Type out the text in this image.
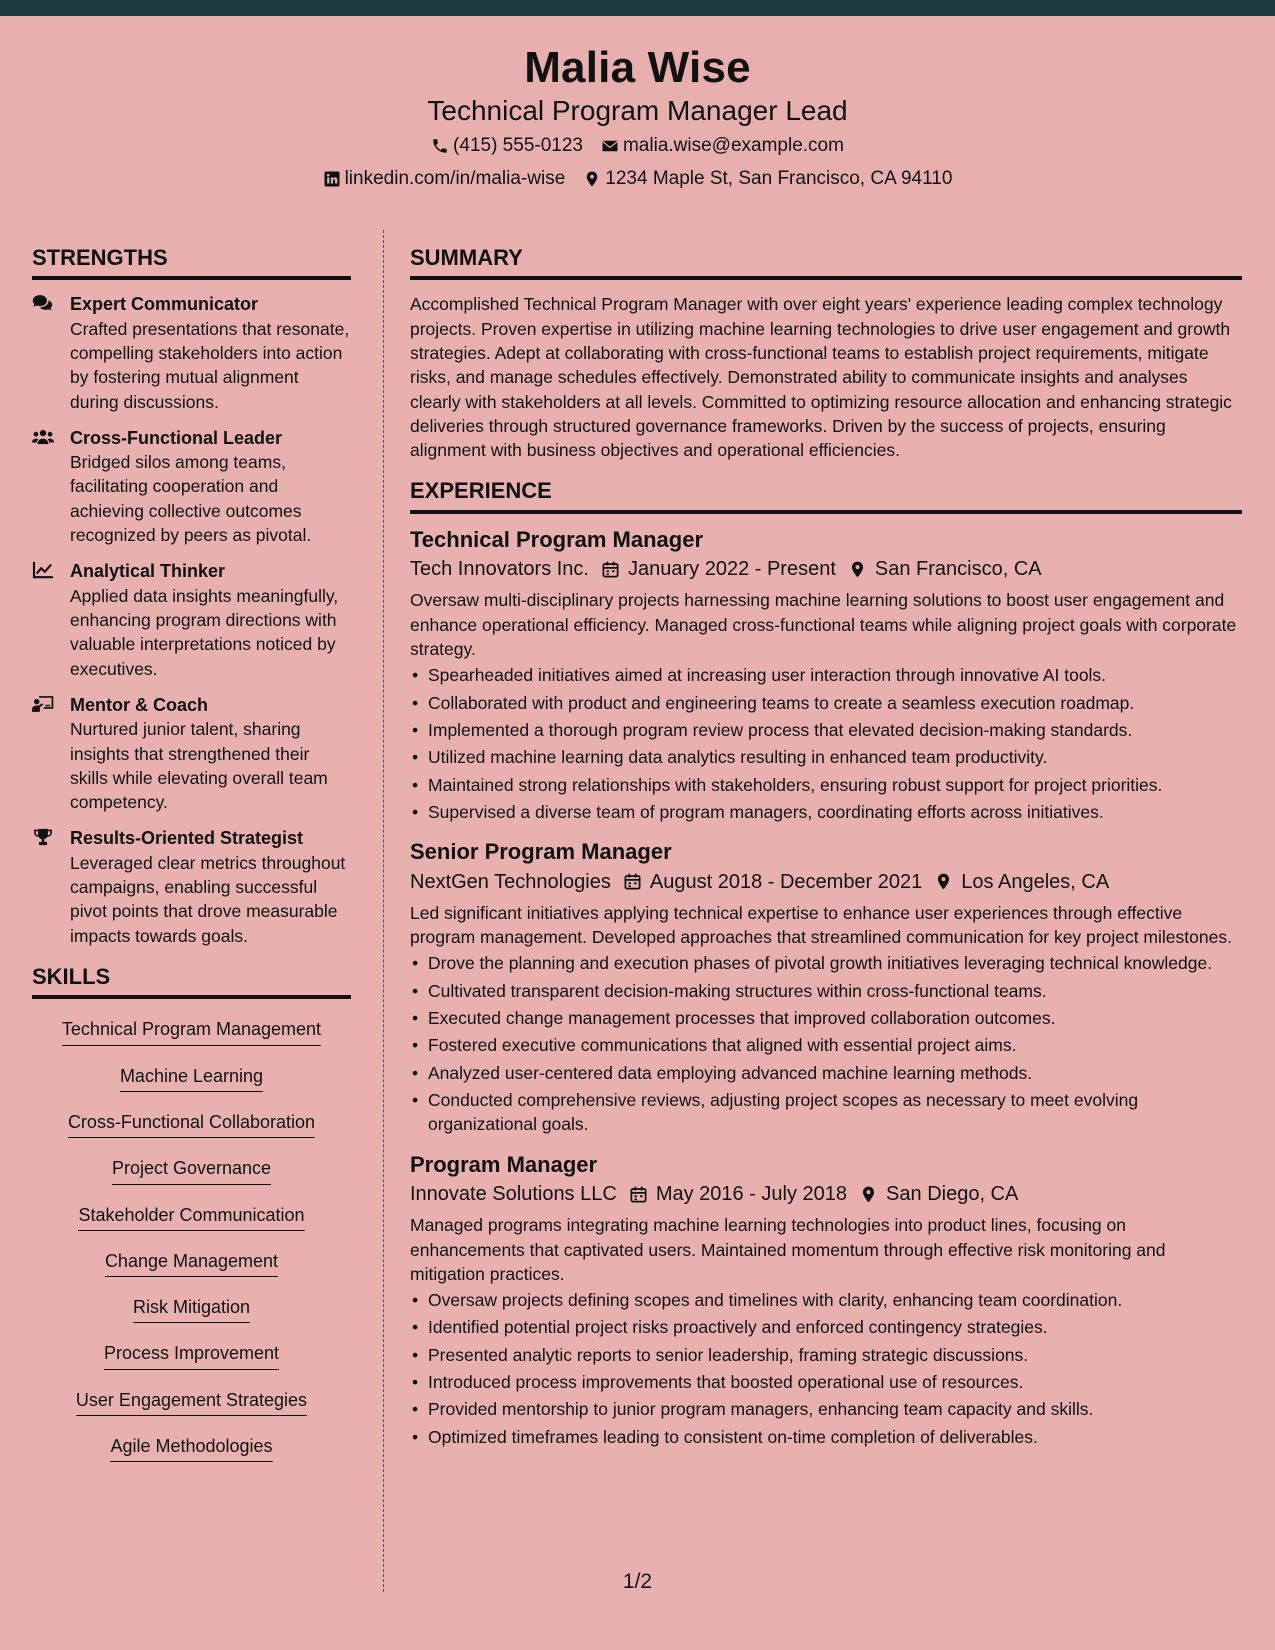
Malia Wise
Technical Program Manager Lead
(415) 555-0123 malia.wise@example.com
linkedin.com/in/malia-wise 1234 Maple St, San Francisco, CA 94110
STRENGTHS
Expert Communicator
Crafted presentations that resonate, compelling stakeholders into action by fostering mutual alignment during discussions.
Cross-Functional Leader
Bridged silos among teams, facilitating cooperation and achieving collective outcomes recognized by peers as pivotal.
Analytical Thinker
Applied data insights meaningfully, enhancing program directions with valuable interpretations noticed by executives.
Mentor & Coach
Nurtured junior talent, sharing insights that strengthened their skills while elevating overall team competency.
Results-Oriented Strategist
Leveraged clear metrics throughout campaigns, enabling successful pivot points that drove measurable impacts towards goals.
SKILLS
Technical Program Management
Machine Learning
Cross-Functional Collaboration
Project Governance
Stakeholder Communication
Change Management
Risk Mitigation
Process Improvement
User Engagement Strategies
Agile Methodologies
SUMMARY
Accomplished Technical Program Manager with over eight years' experience leading complex technology projects. Proven expertise in utilizing machine learning technologies to drive user engagement and growth strategies. Adept at collaborating with cross-functional teams to establish project requirements, mitigate risks, and manage schedules effectively. Demonstrated ability to communicate insights and analyses clearly with stakeholders at all levels. Committed to optimizing resource allocation and enhancing strategic deliveries through structured governance frameworks. Driven by the success of projects, ensuring alignment with business objectives and operational efficiencies.
EXPERIENCE
Technical Program Manager
Tech Innovators Inc. January 2022 - Present San Francisco, CA
Oversaw multi-disciplinary projects harnessing machine learning solutions to boost user engagement and enhance operational efficiency. Managed cross-functional teams while aligning project goals with corporate strategy.
• Spearheaded initiatives aimed at increasing user interaction through innovative AI tools.
• Collaborated with product and engineering teams to create a seamless execution roadmap.
• Implemented a thorough program review process that elevated decision-making standards.
• Utilized machine learning data analytics resulting in enhanced team productivity.
• Maintained strong relationships with stakeholders, ensuring robust support for project priorities.
• Supervised a diverse team of program managers, coordinating efforts across initiatives.
Senior Program Manager
NextGen Technologies August 2018 - December 2021 Los Angeles, CA
Led significant initiatives applying technical expertise to enhance user experiences through effective program management. Developed approaches that streamlined communication for key project milestones.
• Drove the planning and execution phases of pivotal growth initiatives leveraging technical knowledge.
• Cultivated transparent decision-making structures within cross-functional teams.
• Executed change management processes that improved collaboration outcomes.
• Fostered executive communications that aligned with essential project aims.
• Analyzed user-centered data employing advanced machine learning methods.
• Conducted comprehensive reviews, adjusting project scopes as necessary to meet evolving organizational goals.
Program Manager
Innovate Solutions LLC May 2016 - July 2018 San Diego, CA
Managed programs integrating machine learning technologies into product lines, focusing on enhancements that captivated users. Maintained momentum through effective risk monitoring and mitigation practices.
• Oversaw projects defining scopes and timelines with clarity, enhancing team coordination.
• Identified potential project risks proactively and enforced contingency strategies.
• Presented analytic reports to senior leadership, framing strategic discussions.
• Introduced process improvements that boosted operational use of resources.
• Provided mentorship to junior program managers, enhancing team capacity and skills.
• Optimized timeframes leading to consistent on-time completion of deliverables.
1/2
